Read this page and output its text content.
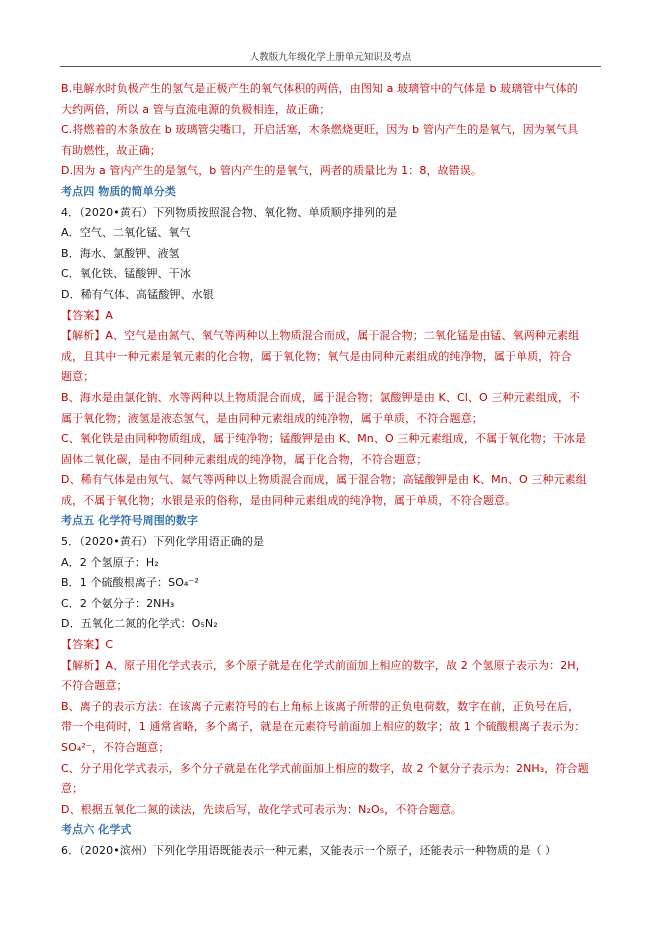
人教版九年级化学上册单元知识及考点
B.电解水时负极产生的氢气是正极产生的氧气体积的两倍，由图知 a 玻璃管中的气体是 b 玻璃管中气体的
大约两倍，所以 a 管与直流电源的负极相连，故正确；
C.将燃着的木条放在 b 玻璃管尖嘴口，开启活塞，木条燃烧更旺，因为 b 管内产生的是氧气，因为氧气具
有助燃性，故正确；
D.因为 a 管内产生的是氢气，b 管内产生的是氧气，两者的质量比为 1：8，故错误。
考点四 物质的简单分类
4．（2020•黄石）下列物质按照混合物、氧化物、单质顺序排列的是
A．空气、二氧化锰、氧气
B．海水、氯酸钾、液氢
C．氧化铁、锰酸钾、干冰
D．稀有气体、高锰酸钾、水银
【答案】A
【解析】A、空气是由氮气、氧气等两种以上物质混合而成，属于混合物；二氧化锰是由锰、氧两种元素组
成，且其中一种元素是氧元素的化合物，属于氧化物；氧气是由同种元素组成的纯净物，属于单质，符合
题意；
B、海水是由氯化钠、水等两种以上物质混合而成，属于混合物；氯酸钾是由 K、Cl、O 三种元素组成，不
属于氧化物；液氢是液态氢气，是由同种元素组成的纯净物，属于单质，不符合题意；
C、氧化铁是由同种物质组成，属于纯净物；锰酸钾是由 K、Mn、O 三种元素组成，不属于氧化物；干冰是
固体二氧化碳，是由不同种元素组成的纯净物，属于化合物，不符合题意；
D、稀有气体是由氖气、氦气等两种以上物质混合而成，属于混合物；高锰酸钾是由 K、Mn、O 三种元素组
成，不属于氧化物；水银是汞的俗称，是由同种元素组成的纯净物，属于单质，不符合题意。
考点五 化学符号周围的数字
5．（2020•黄石）下列化学用语正确的是
A．2 个氢原子：H₂
B．1 个硫酸根离子：SO₄⁻²
C．2 个氨分子：2NH₃
D．五氧化二氮的化学式：O₅N₂
【答案】C
【解析】A、原子用化学式表示，多个原子就是在化学式前面加上相应的数字，故 2 个氢原子表示为：2H，
不符合题意；
B、离子的表示方法：在该离子元素符号的右上角标上该离子所带的正负电荷数，数字在前，正负号在后，
带一个电荷时，1 通常省略，多个离子，就是在元素符号前面加上相应的数字；故 1 个硫酸根离子表示为：
SO₄²⁻，不符合题意；
C、分子用化学式表示，多个分子就是在化学式前面加上相应的数字，故 2 个氨分子表示为：2NH₃，符合题
意；
D、根据五氧化二氮的读法，先读后写，故化学式可表示为：N₂O₅，不符合题意。
考点六 化学式
6．（2020•滨州）下列化学用语既能表示一种元素，又能表示一个原子，还能表示一种物质的是（ ）
